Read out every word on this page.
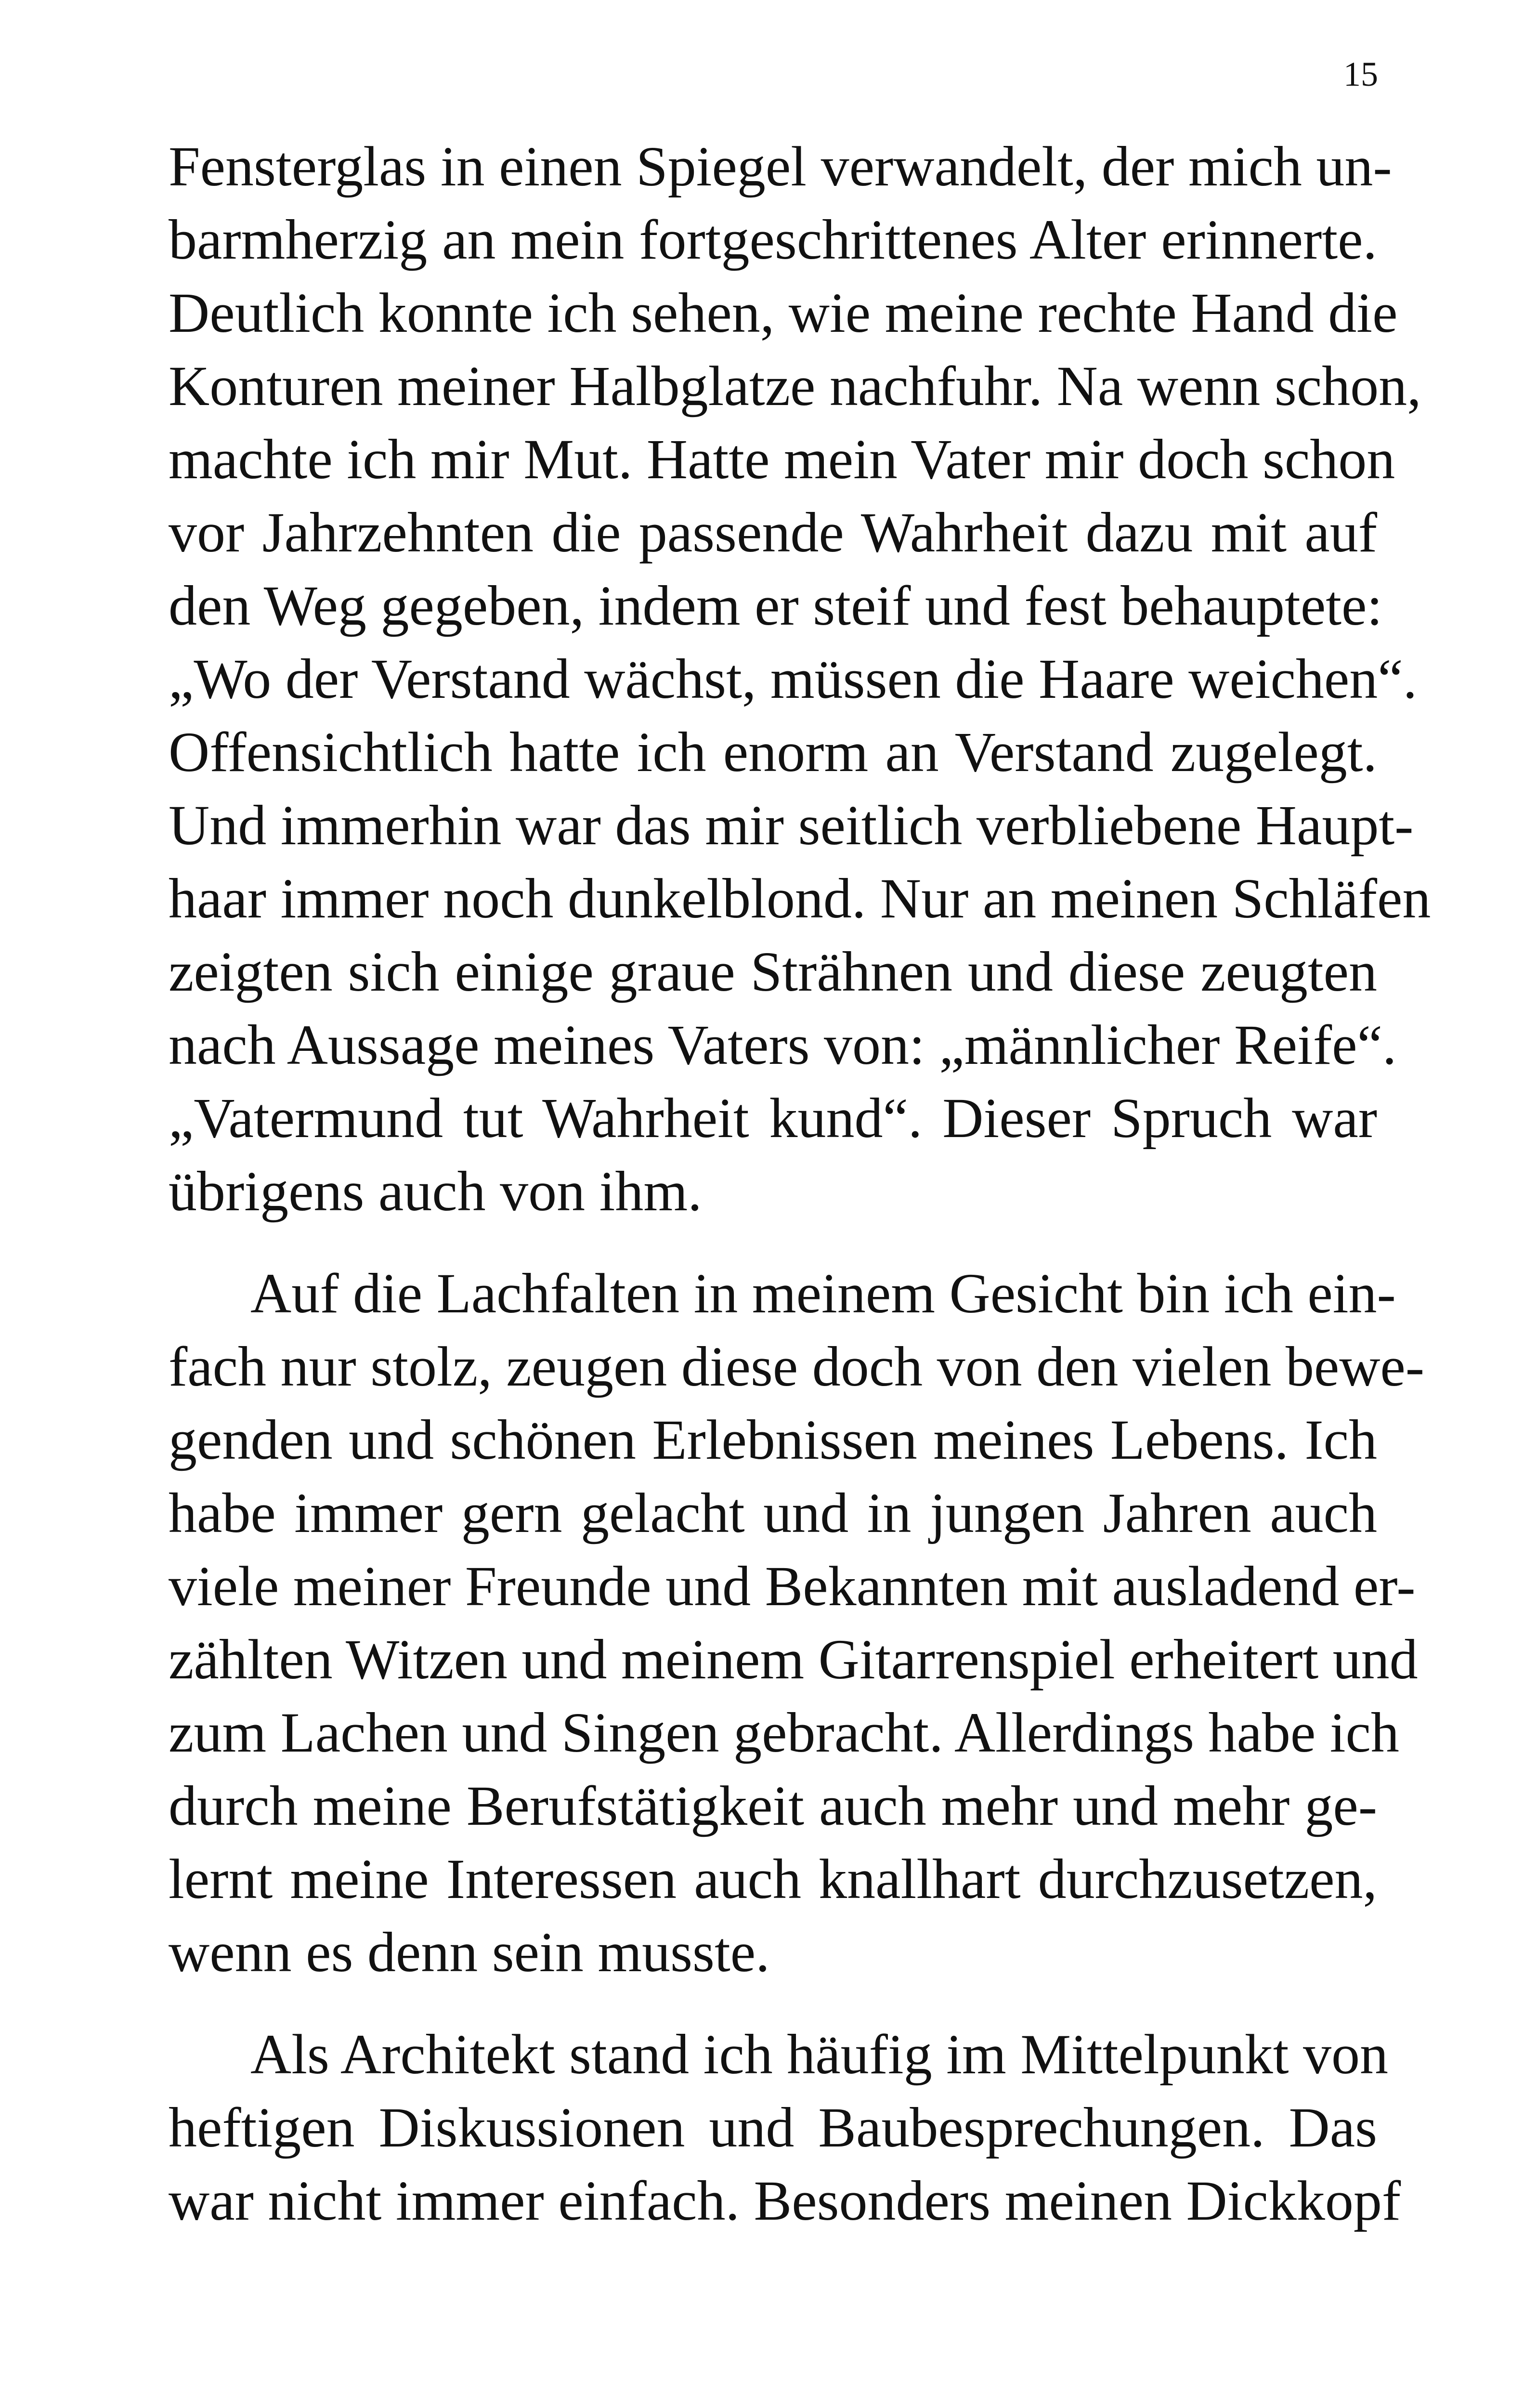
15
Fensterglas in einen Spiegel verwandelt, der mich un-
barmherzig an mein fortgeschrittenes Alter erinnerte.
Deutlich konnte ich sehen, wie meine rechte Hand die
Konturen meiner Halbglatze nachfuhr. Na wenn schon,
machte ich mir Mut. Hatte mein Vater mir doch schon
vor Jahrzehnten die passende Wahrheit dazu mit auf
den Weg gegeben, indem er steif und fest behauptete:
„Wo der Verstand wächst, müssen die Haare weichen“.
Offensichtlich hatte ich enorm an Verstand zugelegt.
Und immerhin war das mir seitlich verbliebene Haupt-
haar immer noch dunkelblond. Nur an meinen Schläfen
zeigten sich einige graue Strähnen und diese zeugten
nach Aussage meines Vaters von: „männlicher Reife“.
„Vatermund tut Wahrheit kund“. Dieser Spruch war
übrigens auch von ihm.
Auf die Lachfalten in meinem Gesicht bin ich ein-
fach nur stolz, zeugen diese doch von den vielen bewe-
genden und schönen Erlebnissen meines Lebens. Ich
habe immer gern gelacht und in jungen Jahren auch
viele meiner Freunde und Bekannten mit ausladend er-
zählten Witzen und meinem Gitarrenspiel erheitert und
zum Lachen und Singen gebracht. Allerdings habe ich
durch meine Berufstätigkeit auch mehr und mehr ge-
lernt meine Interessen auch knallhart durchzusetzen,
wenn es denn sein musste.
Als Architekt stand ich häufig im Mittelpunkt von
heftigen Diskussionen und Baubesprechungen. Das
war nicht immer einfach. Besonders meinen Dickkopf
